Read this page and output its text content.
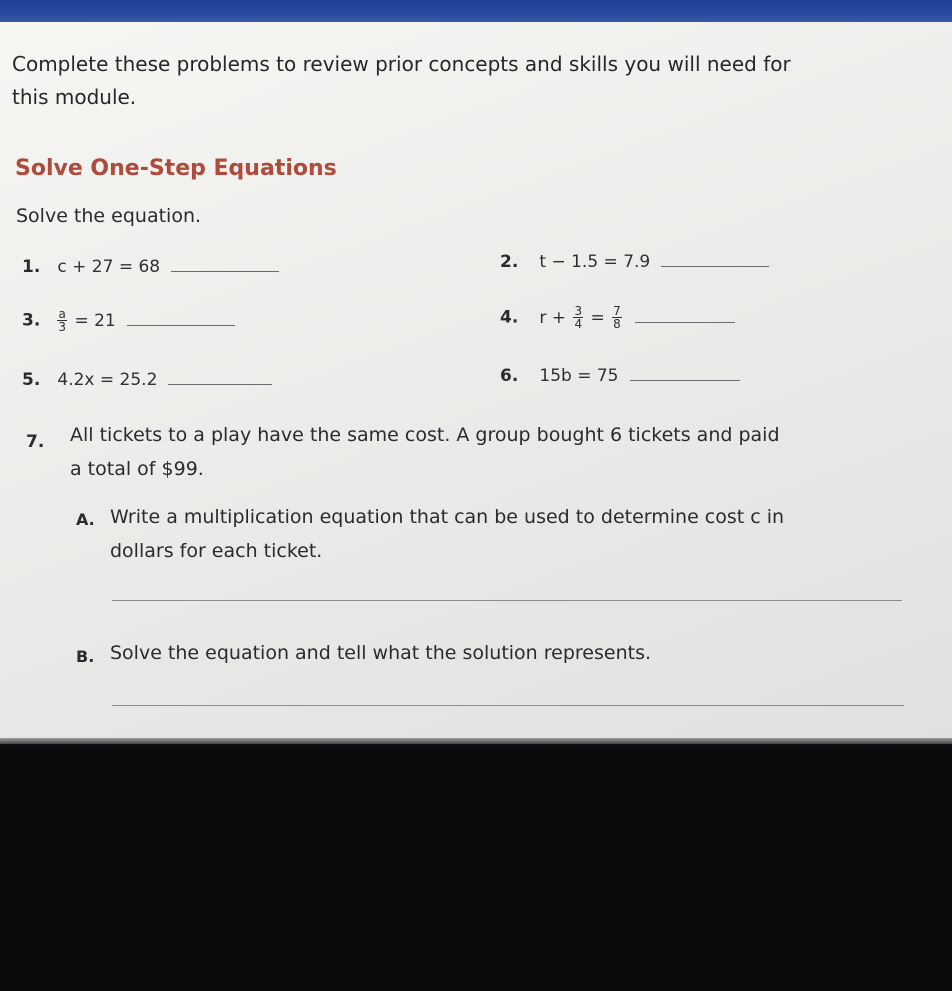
Complete these problems to review prior concepts and skills you will need for
this module.
Solve One-Step Equations
Solve the equation.
1. c + 27 = 68	2. t − 1.5 = 7.9
3. $\frac{a}{3} = 21$	4. $r + \frac{3}{4} = \frac{7}{8}$

5. 4.2x = 25.2	6. 15b = 75
7. All tickets to a play have the same cost. A group bought 6 tickets and paid
a total of $99.
A. Write a multiplication equation that can be used to determine cost c in
dollars for each ticket.
B. Solve the equation and tell what the solution represents.
